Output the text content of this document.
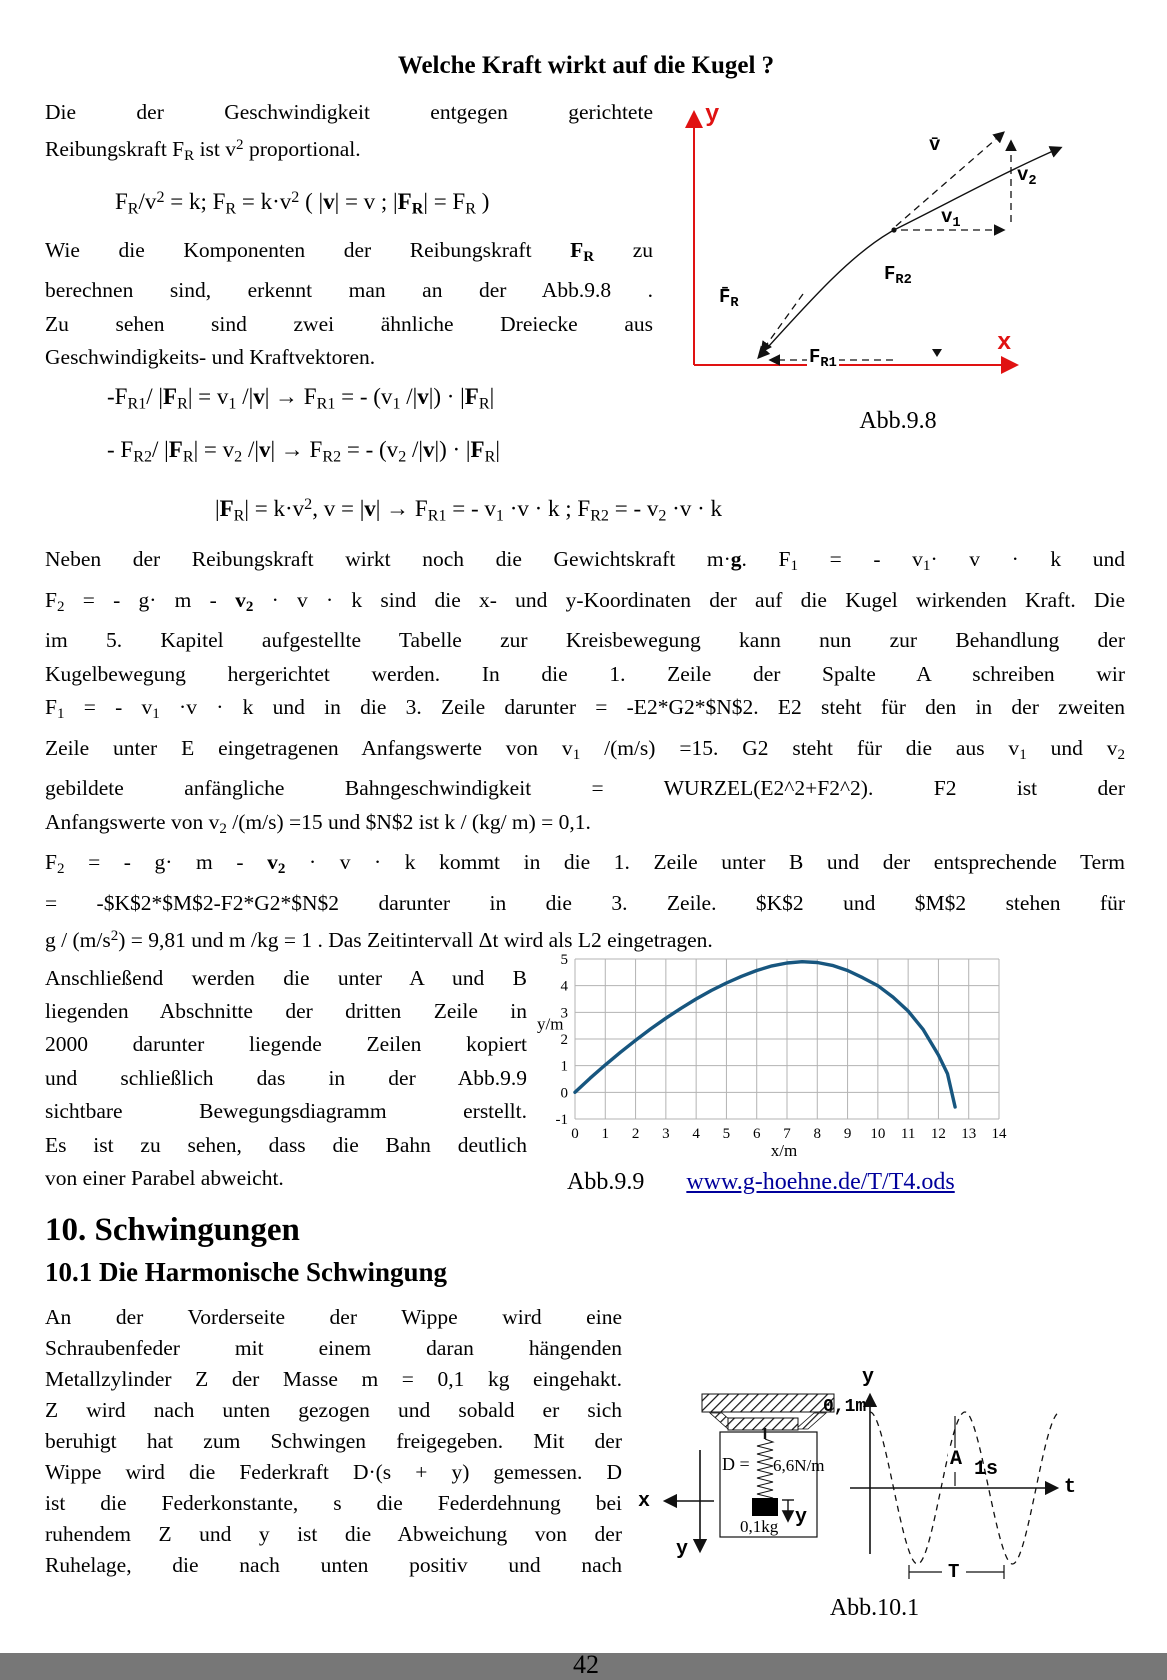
Welche Kraft wirkt auf die Kugel ?
Die der Geschwindigkeit entgegen gerichtete
Reibungskraft $F_R$ ist $v^2$ proportional.
$F_R/v^2 = k$; $F_R = k\cdot v^2$ ( |v| = v ; $|F_R| = F_R$ )
Wie die Komponenten der Reibungskraft $F_R$ zu
berechnen sind, erkennt man an der Abb.9.8 .
Zu sehen sind zwei ähnliche Dreiecke aus
Geschwindigkeits- und Kraftvektoren.
$-F_{R1}/$ $|F_R| = v_1$ $/|v| \to F_{R1}$ = - ($v_1$ $/|v|) \cdot |F_R|$
- $F_{R2}/$ $|F_R| = v_2$ $/|v| \to F_{R2}$ = - ($v_2$ $/|v|) \cdot |F_R|$
y
x
v̄
$v_1$
$v_2$
$F_{R2}$
$F̄_R$
$F_{R1}$
Abb.9.8
$|F_R| = k\cdot v^2$, $v = |v| \to F_{R1}$ = - $v_1 \cdot v \cdot k$ ; $F_{R2}$ = - $v_2 \cdot v \cdot k$
Neben der Reibungskraft wirkt noch die Gewichtskraft m·g. $F_1$ = - $v_1\cdot v \cdot k$ und
$F_2$ = - $g\cdot m - v_2 \cdot v \cdot k$ sind die x- und y-Koordinaten der auf die Kugel wirkenden Kraft. Die
im 5. Kapitel aufgestellte Tabelle zur Kreisbewegung kann nun zur Behandlung der
Kugelbewegung hergerichtet werden. In die 1. Zeile der Spalte A schreiben wir
$F_1$ = - $v_1 \cdot v \cdot k$ und in die 3. Zeile darunter = -E2*G2*$N$2. E2 steht für den in der zweiten
Zeile unter E eingetragenen Anfangswerte von $v_1$ /(m/s) =15. G2 steht für die aus $v_1$ und $v_2$
gebildete anfängliche Bahngeschwindigkeit = WURZEL(E2^2+F2^2). F2 ist der
Anfangswerte von $v_2$ /(m/s) =15 und $N$2 ist k / (kg/ m) = 0,1.
$F_2$ = - $g\cdot m - v_2 \cdot v \cdot k$ kommt in die 1. Zeile unter B und der entsprechende Term
= -$K$2*$M$2-F2*G2*$N$2 darunter in die 3. Zeile. $K$2 und $M$2 stehen für
$g / (m/s^2) = 9,81$ und m /kg = 1 . Das Zeitintervall Δt wird als L2 eingetragen.
Anschließend werden die unter A und B
liegenden Abschnitte der dritten Zeile in
2000 darunter liegende Zeilen kopiert
und schließlich das in der Abb.9.9
sichtbare Bewegungsdiagramm erstellt.
Es ist zu sehen, dass die Bahn deutlich
von einer Parabel abweicht.
0 1 2 3 4 5 6 7 8 9 10 11 12 13 14
-1
0
1
2
3
4
5
y/m
x/m
Abb.9.9 www.g-hoehne.de/T/T4.ods
10. Schwingungen
10.1 Die Harmonische Schwingung
An der Vorderseite der Wippe wird eine
Schraubenfeder mit einem daran hängenden
Metallzylinder Z der Masse m = 0,1 kg eingehakt.
Z wird nach unten gezogen und sobald er sich
beruhigt hat zum Schwingen freigegeben. Mit der
Wippe wird die Federkraft D·(s + y) gemessen. D
ist die Federkonstante, s die Federdehnung bei
ruhendem Z und y ist die Abweichung von der
Ruhelage, die nach unten positiv und nach
x
y
D = 6,6N/m
0,1kg y
0,1m
y
A 1s
t
T
Abb.10.1
42
